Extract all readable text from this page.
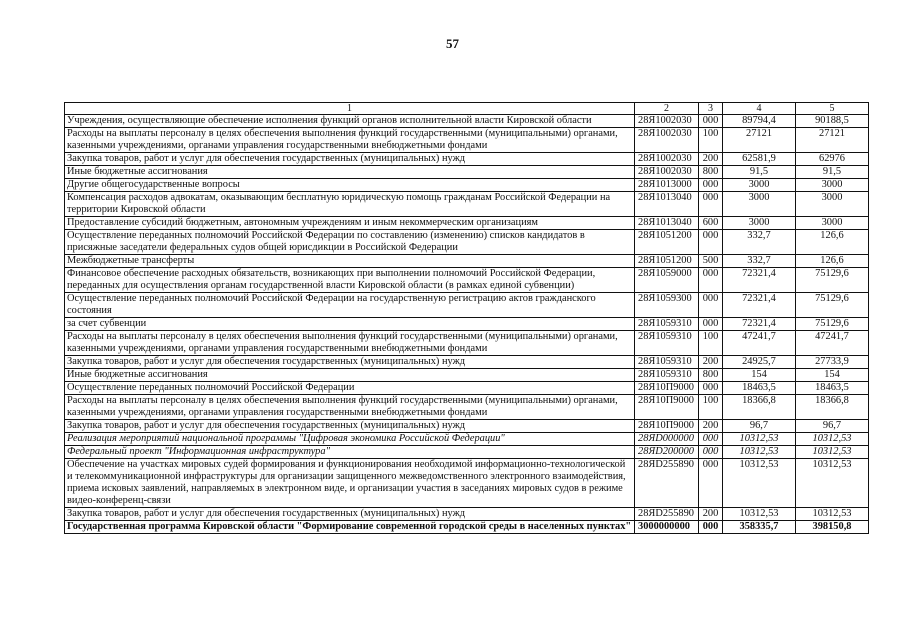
57
1	2	3	4	5
Учреждения, осуществляющие обеспечение исполнения функций органов исполнительной власти Кировской области	28Я1002030	000	89794,4	90188,5
Расходы на выплаты персоналу в целях обеспечения выполнения функций государственными (муниципальными) органами, казенными учреждениями, органами управления государственными внебюджетными фондами	28Я1002030	100	27121	27121
Закупка товаров, работ и услуг для обеспечения государственных (муниципальных) нужд	28Я1002030	200	62581,9	62976
Иные бюджетные ассигнования	28Я1002030	800	91,5	91,5
Другие общегосударственные вопросы	28Я1013000	000	3000	3000
Компенсация расходов адвокатам, оказывающим бесплатную юридическую помощь гражданам Российской Федерации на территории Кировской области	28Я1013040	000	3000	3000
Предоставление субсидий бюджетным, автономным учреждениям и иным некоммерческим организациям	28Я1013040	600	3000	3000
Осуществление переданных полномочий Российской Федерации по составлению (изменению) списков кандидатов в присяжные заседатели федеральных судов общей юрисдикции в Российской Федерации	28Я1051200	000	332,7	126,6
Межбюджетные трансферты	28Я1051200	500	332,7	126,6
Финансовое обеспечение расходных обязательств, возникающих при выполнении полномочий Российской Федерации, переданных для осуществления органам государственной власти Кировской области (в рамках единой субвенции)	28Я1059000	000	72321,4	75129,6
Осуществление переданных полномочий Российской Федерации на государственную регистрацию актов гражданского состояния	28Я1059300	000	72321,4	75129,6
за счет субвенции	28Я1059310	000	72321,4	75129,6
Расходы на выплаты персоналу в целях обеспечения выполнения функций государственными (муниципальными) органами, казенными учреждениями, органами управления государственными внебюджетными фондами	28Я1059310	100	47241,7	47241,7
Закупка товаров, работ и услуг для обеспечения государственных (муниципальных) нужд	28Я1059310	200	24925,7	27733,9
Иные бюджетные ассигнования	28Я1059310	800	154	154
Осуществление переданных полномочий Российской Федерации	28Я10П9000	000	18463,5	18463,5
Расходы на выплаты персоналу в целях обеспечения выполнения функций государственными (муниципальными) органами, казенными учреждениями, органами управления государственными внебюджетными фондами	28Я10П9000	100	18366,8	18366,8
Закупка товаров, работ и услуг для обеспечения государственных (муниципальных) нужд	28Я10П9000	200	96,7	96,7
Реализация мероприятий национальной программы "Цифровая экономика Российской Федерации"	28ЯD000000	000	10312,53	10312,53
Федеральный проект "Информационная инфраструктура"	28ЯD200000	000	10312,53	10312,53
Обеспечение на участках мировых судей формирования и функционирования необходимой информационно-технологической и телекоммуникационной инфраструктуры для организации защищенного межведомственного электронного взаимодействия, приема исковых заявлений, направляемых в электронном виде, и организации участия в заседаниях мировых судов в режиме видео-конференц-связи	28ЯD255890	000	10312,53	10312,53
Закупка товаров, работ и услуг для обеспечения государственных (муниципальных) нужд	28ЯD255890	200	10312,53	10312,53
Государственная программа Кировской области "Формирование современной городской среды в населенных пунктах"	3000000000	000	358335,7	398150,8
